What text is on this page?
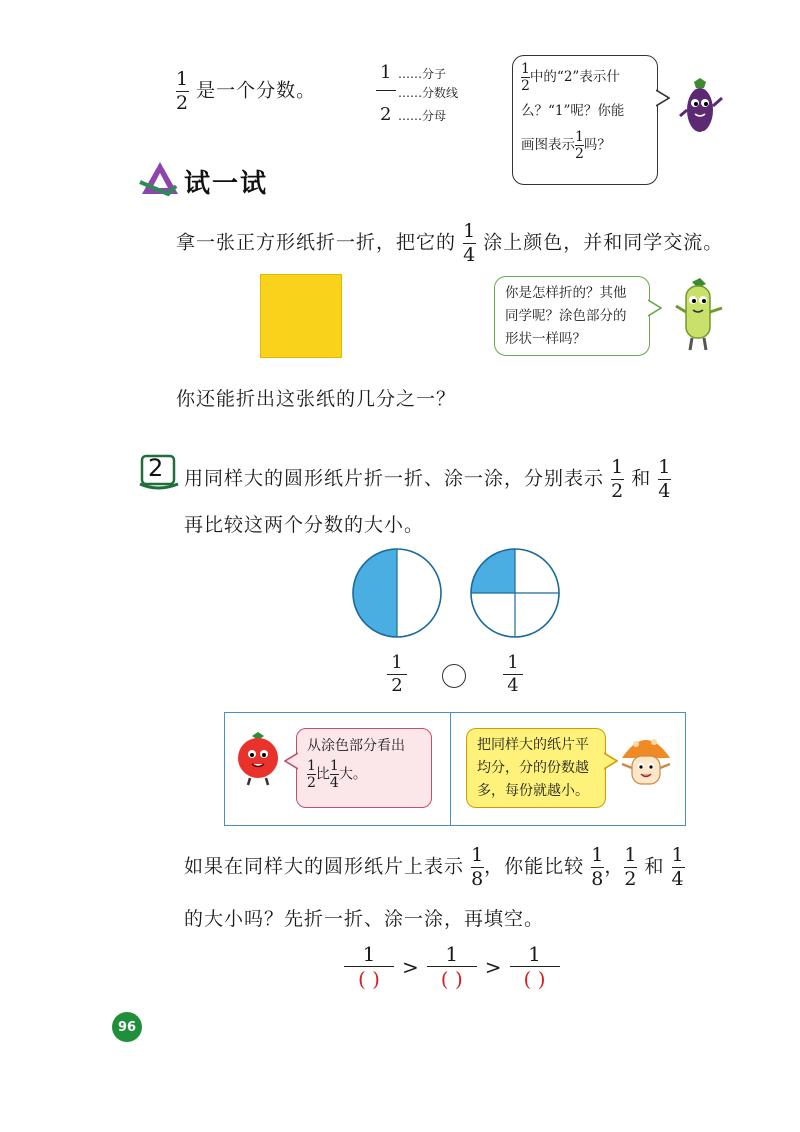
$\frac{1}{2}$ 是一个分数。
1 ……分子
……分数线
2 ……分母
$\frac{1}{2}$ 中的“2”表示什
么？“1”呢？你能
画图表示 $\frac{1}{2}$ 吗？
试一试
拿一张正方形纸折一折，把它的 $\frac{1}{4}$ 涂上颜色，并和同学交流。
你是怎样折的？其他
同学呢？涂色部分的
形状一样吗？
你还能折出这张纸的几分之一？
2 用同样大的圆形纸片折一折、涂一涂，分别表示 $\frac{1}{2}$ 和 $\frac{1}{4}$
再比较这两个分数的大小。
$\frac{1}{2}$	$\frac{1}{4}$
从涂色部分看出
$\frac{1}{2}$ 比 $\frac{1}{4}$ 大。
把同样大的纸片平
均分，分的份数越
多，每份就越小。
如果在同样大的圆形纸片上表示 $\frac{1}{8}$ ，你能比较 $\frac{1}{8}$ ， $\frac{1}{2}$ 和 $\frac{1}{4}$
的大小吗？先折一折、涂一涂，再填空。
$\frac{1}{( )} > \frac{1}{( )} > \frac{1}{( )}$
96
